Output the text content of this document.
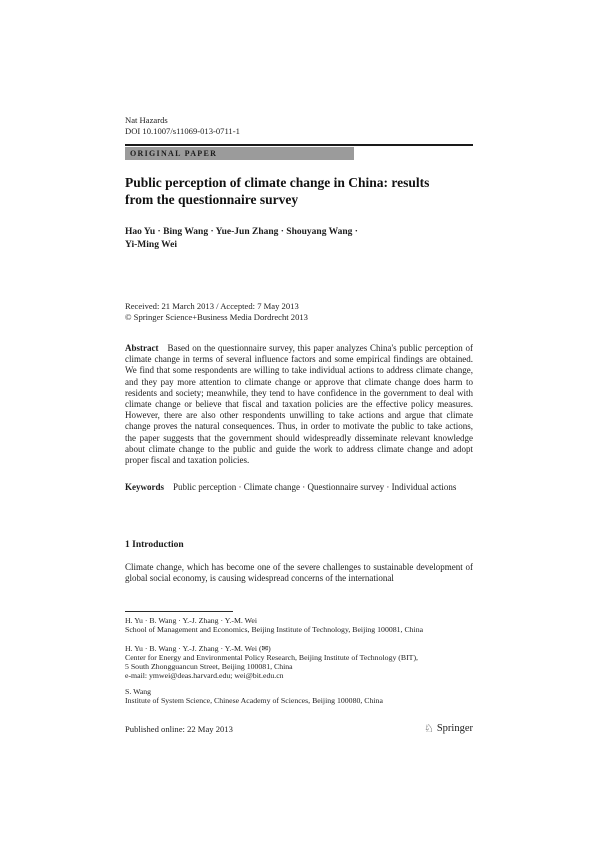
Nat Hazards
DOI 10.1007/s11069-013-0711-1
ORIGINAL PAPER
Public perception of climate change in China: results
from the questionnaire survey
Hao Yu · Bing Wang · Yue-Jun Zhang · Shouyang Wang ·
Yi-Ming Wei
Received: 21 March 2013 / Accepted: 7 May 2013
© Springer Science+Business Media Dordrecht 2013

Abstract Based on the questionnaire survey, this paper analyzes China's public perception of climate change in terms of several influence factors and some empirical findings are obtained. We find that some respondents are willing to take individual actions to address climate change, and they pay more attention to climate change or approve that climate change does harm to residents and society; meanwhile, they tend to have confidence in the government to deal with climate change or believe that fiscal and taxation policies are the effective policy measures. However, there are also other respondents unwilling to take actions and argue that climate change proves the natural consequences. Thus, in order to motivate the public to take actions, the paper suggests that the government should widespreadly disseminate relevant knowledge about climate change to the public and guide the work to address climate change and adopt proper fiscal and taxation policies.

Keywords Public perception · Climate change · Questionnaire survey · Individual actions

1 Introduction

Climate change, which has become one of the severe challenges to sustainable development of global social economy, is causing widespread concerns of the international

H. Yu · B. Wang · Y.-J. Zhang · Y.-M. Wei
School of Management and Economics, Beijing Institute of Technology, Beijing 100081, China
H. Yu · B. Wang · Y.-J. Zhang · Y.-M. Wei (✉)
Center for Energy and Environmental Policy Research, Beijing Institute of Technology (BIT),
5 South Zhongguancun Street, Beijing 100081, China
e-mail: ymwei@deas.harvard.edu; wei@bit.edu.cn
S. Wang
Institute of System Science, Chinese Academy of Sciences, Beijing 100080, China
Published online: 22 May 2013	♘ Springer
